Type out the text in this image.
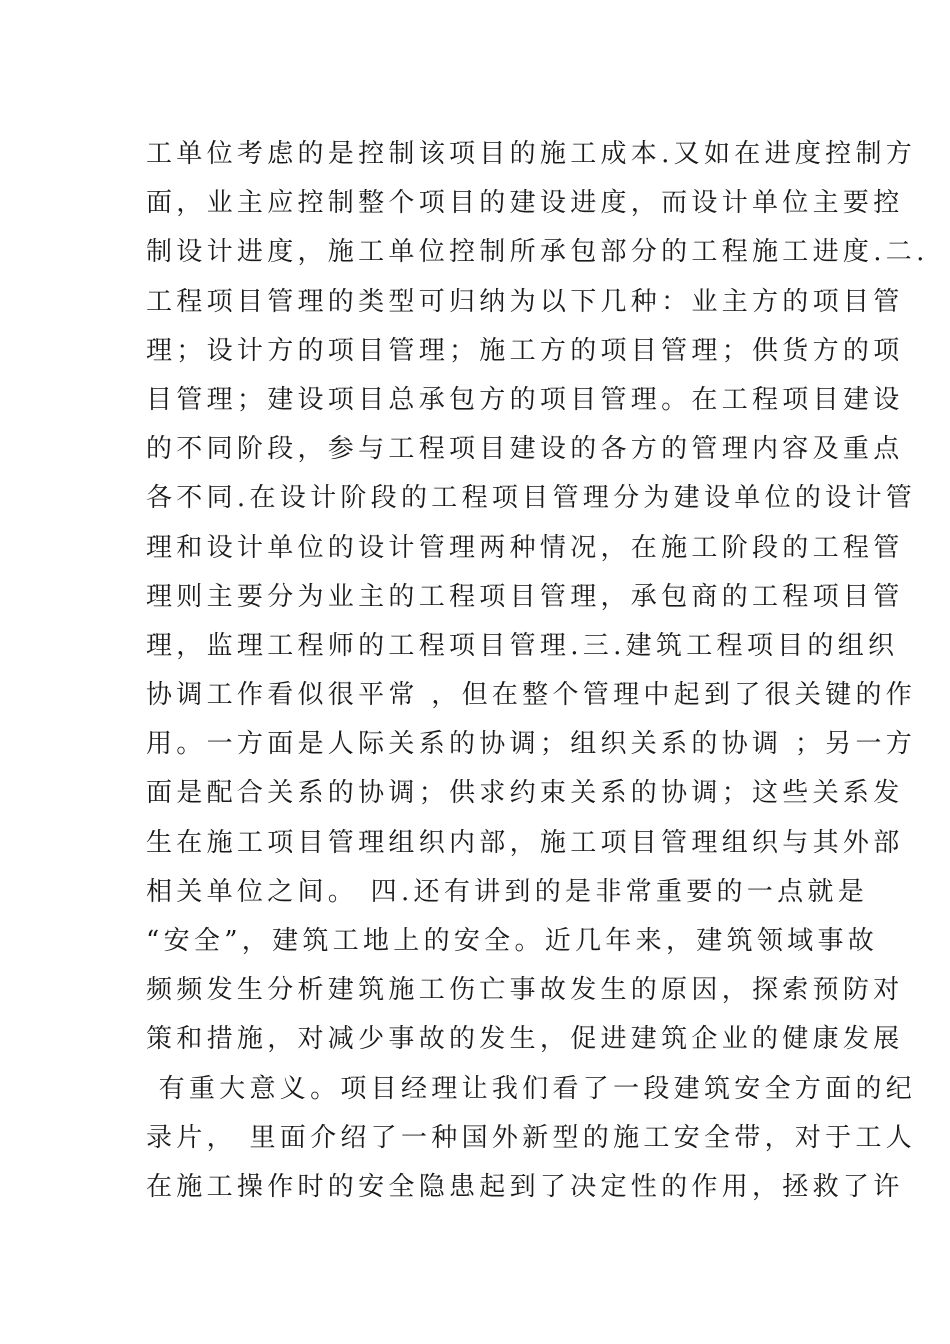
工单位考虑的是控制该项目的施工成本.又如在进度控制方
面，业主应控制整个项目的建设进度，而设计单位主要控
制设计进度，施工单位控制所承包部分的工程施工进度.二.
工程项目管理的类型可归纳为以下几种：业主方的项目管
理；设计方的项目管理；施工方的项目管理；供货方的项
目管理；建设项目总承包方的项目管理。在工程项目建设
的不同阶段，参与工程项目建设的各方的管理内容及重点
各不同.在设计阶段的工程项目管理分为建设单位的设计管
理和设计单位的设计管理两种情况，在施工阶段的工程管
理则主要分为业主的工程项目管理，承包商的工程项目管
理，监理工程师的工程项目管理.三.建筑工程项目的组织
协调工作看似很平常 ，但在整个管理中起到了很关键的作
用。一方面是人际关系的协调；组织关系的协调 ；另一方
面是配合关系的协调；供求约束关系的协调；这些关系发
生在施工项目管理组织内部，施工项目管理组织与其外部
相关单位之间。 四.还有讲到的是非常重要的一点就是
“安全”，建筑工地上的安全。近几年来，建筑领域事故
频频发生分析建筑施工伤亡事故发生的原因，探索预防对
策和措施，对减少事故的发生，促进建筑企业的健康发展
有重大意义。项目经理让我们看了一段建筑安全方面的纪
录片， 里面介绍了一种国外新型的施工安全带，对于工人
在施工操作时的安全隐患起到了决定性的作用，拯救了许
